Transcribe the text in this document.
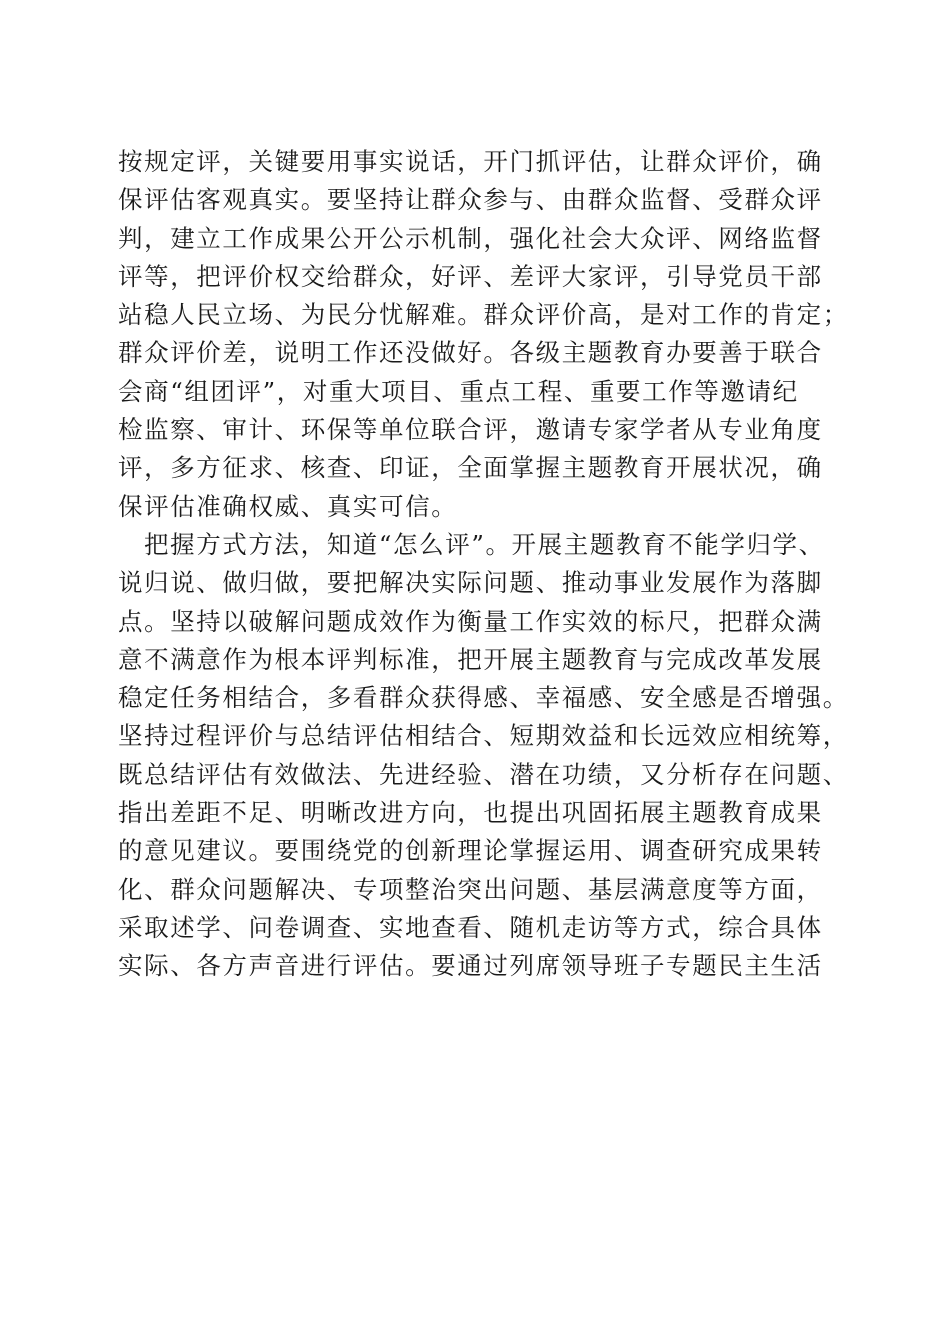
按规定评，关键要用事实说话，开门抓评估，让群众评价，确
保评估客观真实。要坚持让群众参与、由群众监督、受群众评
判，建立工作成果公开公示机制，强化社会大众评、网络监督
评等，把评价权交给群众，好评、差评大家评，引导党员干部
站稳人民立场、为民分忧解难。群众评价高，是对工作的肯定；
群众评价差，说明工作还没做好。各级主题教育办要善于联合
会商“组团评”，对重大项目、重点工程、重要工作等邀请纪
检监察、审计、环保等单位联合评，邀请专家学者从专业角度
评，多方征求、核查、印证，全面掌握主题教育开展状况，确
保评估准确权威、真实可信。
把握方式方法，知道“怎么评”。开展主题教育不能学归学、
说归说、做归做，要把解决实际问题、推动事业发展作为落脚
点。坚持以破解问题成效作为衡量工作实效的标尺，把群众满
意不满意作为根本评判标准，把开展主题教育与完成改革发展
稳定任务相结合，多看群众获得感、幸福感、安全感是否增强。
坚持过程评价与总结评估相结合、短期效益和长远效应相统筹，
既总结评估有效做法、先进经验、潜在功绩，又分析存在问题、
指出差距不足、明晰改进方向，也提出巩固拓展主题教育成果
的意见建议。要围绕党的创新理论掌握运用、调查研究成果转
化、群众问题解决、专项整治突出问题、基层满意度等方面，
采取述学、问卷调查、实地查看、随机走访等方式，综合具体
实际、各方声音进行评估。要通过列席领导班子专题民主生活
